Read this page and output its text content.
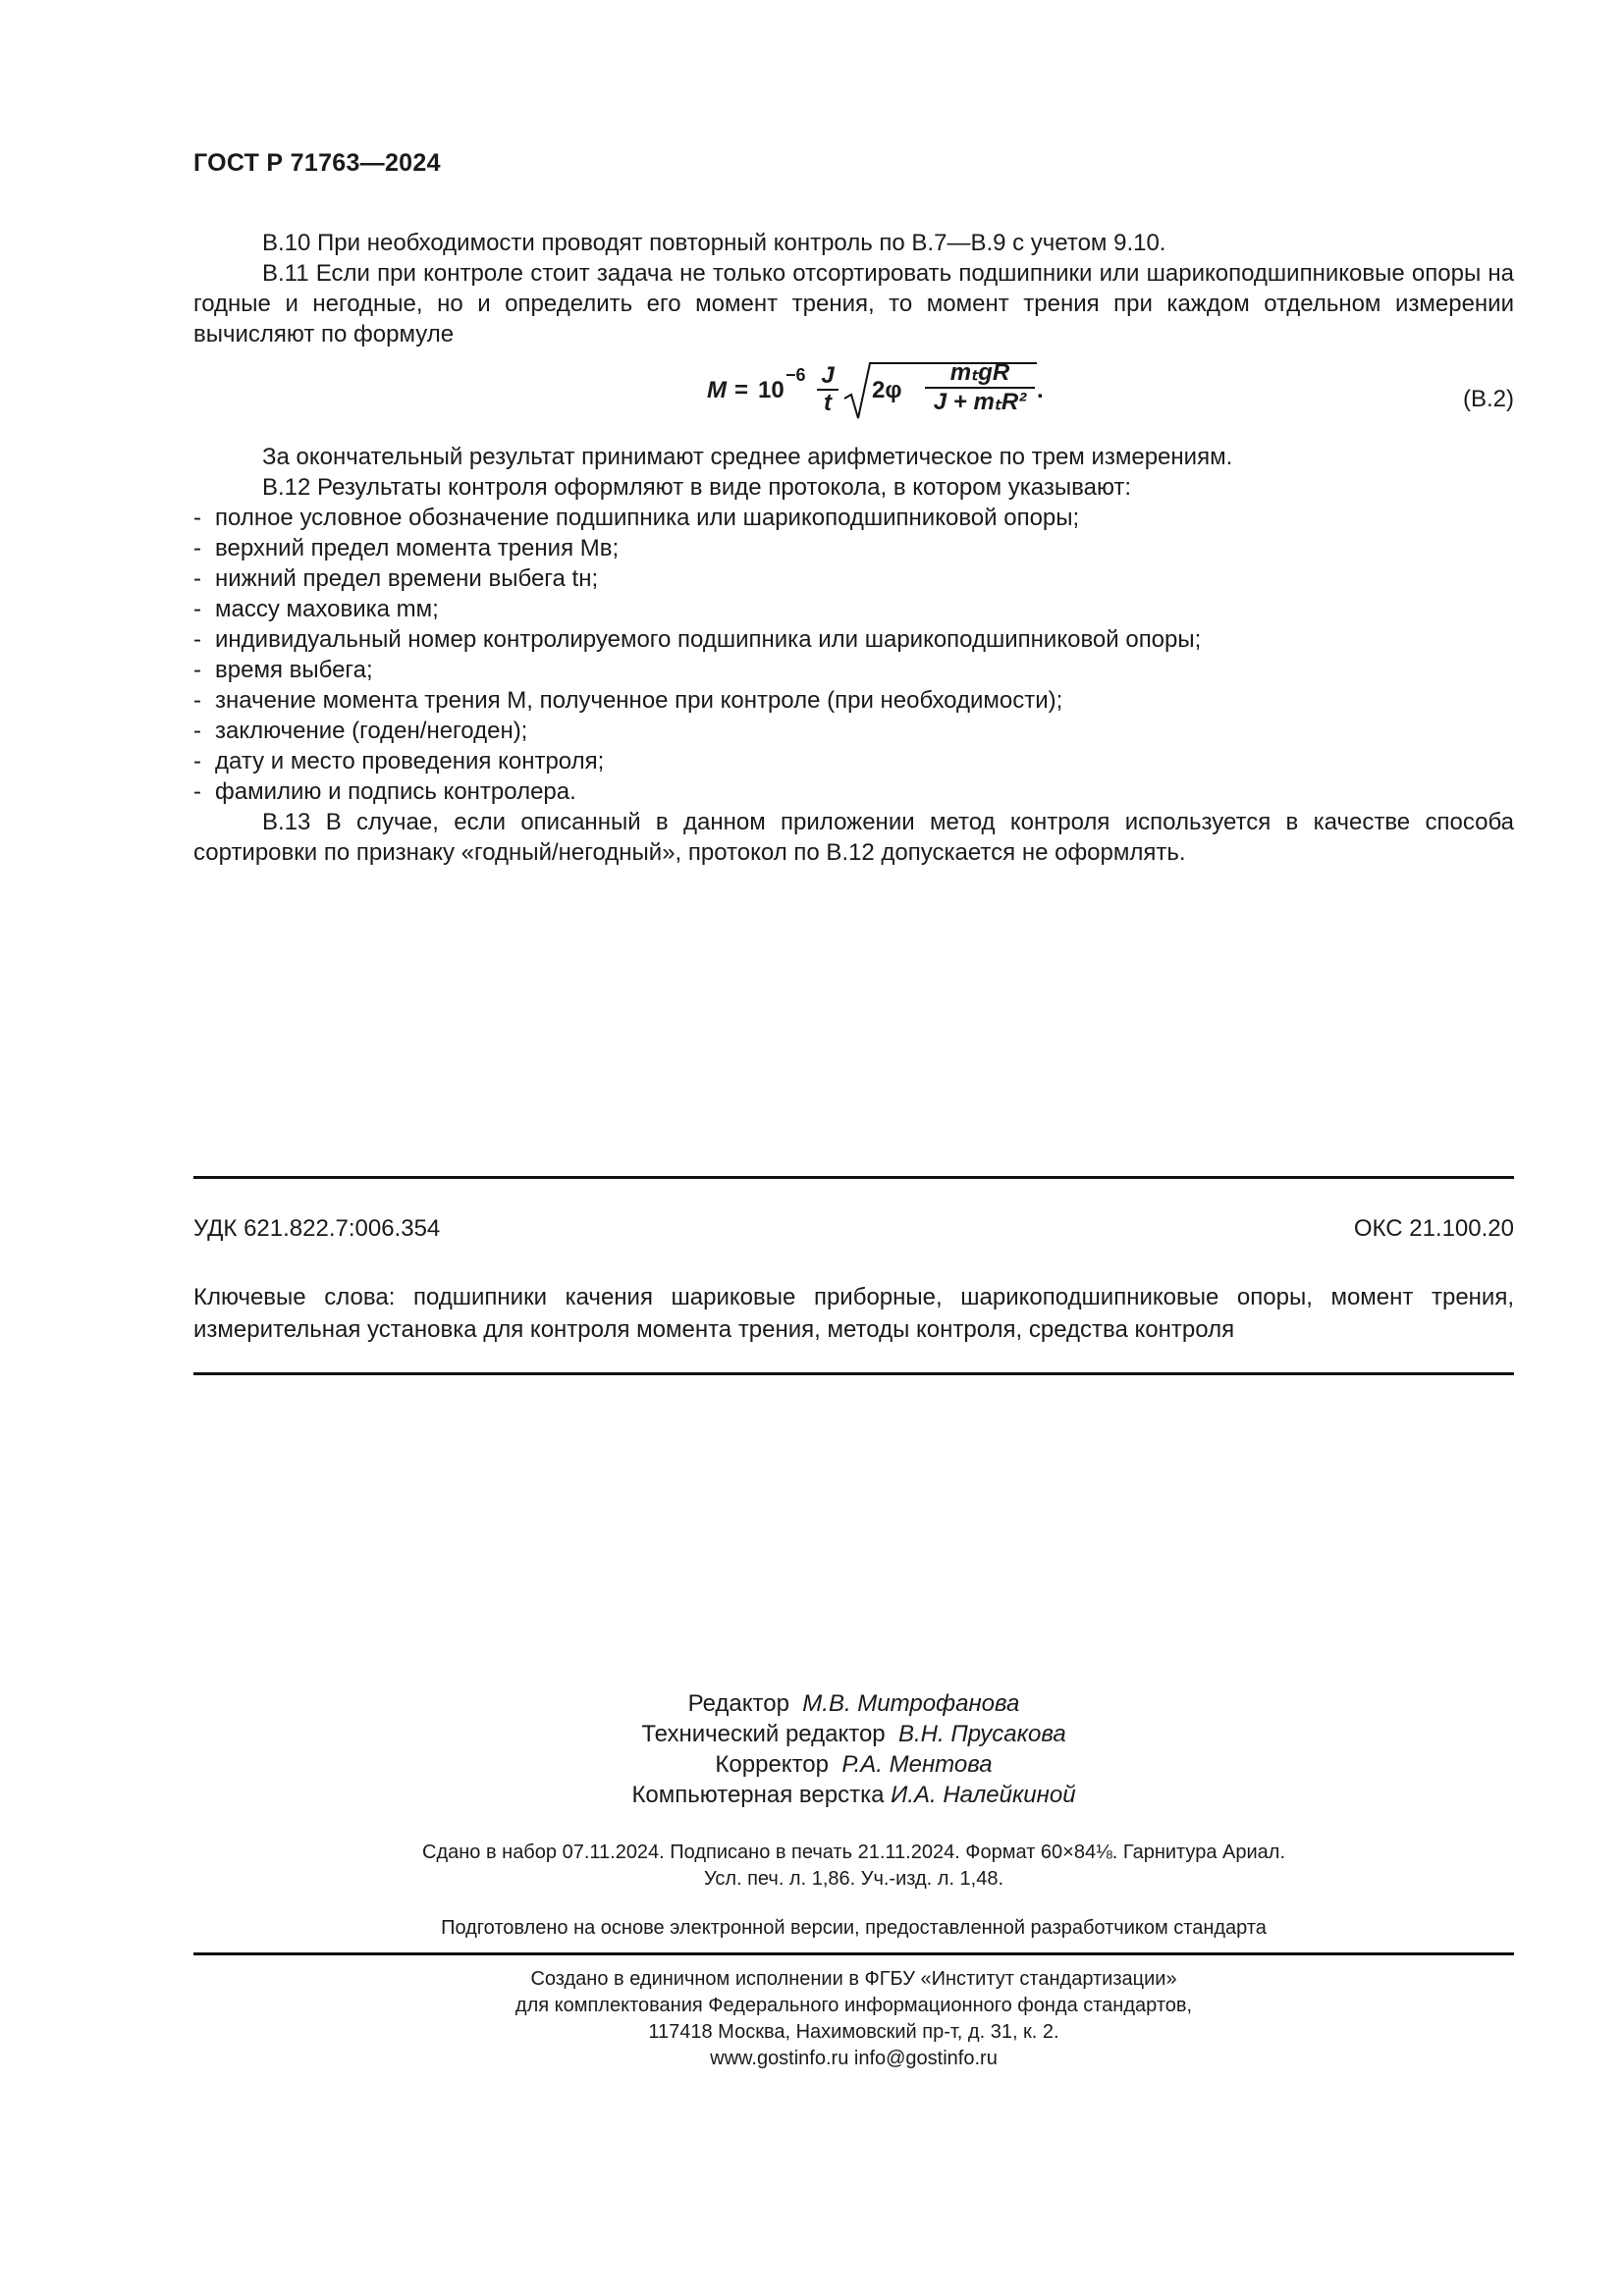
ГОСТ Р 71763—2024
В.10 При необходимости проводят повторный контроль по В.7—В.9 с учетом 9.10.
В.11 Если при контроле стоит задача не только отсортировать подшипники или шарикоподшипниковые опоры на годные и негодные, но и определить его момент трения, то момент трения при каждом отдельном измерении вычисляют по формуле
M = 10
$-6 \frac{J}{t} 2\varphi$
mₜgR
J + mₜR² .	(В.2)
За окончательный результат принимают среднее арифметическое по трем измерениям.
В.12 Результаты контроля оформляют в виде протокола, в котором указывают:
- полное условное обозначение подшипника или шарикоподшипниковой опоры;
- верхний предел момента трения Mв;
- нижний предел времени выбега tн;
- массу маховика mм;
- индивидуальный номер контролируемого подшипника или шарикоподшипниковой опоры;
- время выбега;
- значение момента трения M, полученное при контроле (при необходимости);
- заключение (годен/негоден);
- дату и место проведения контроля;
- фамилию и подпись контролера.
В.13 В случае, если описанный в данном приложении метод контроля используется в качестве способа сортировки по признаку «годный/негодный», протокол по В.12 допускается не оформлять.
УДК 621.822.7:006.354	ОКС 21.100.20
Ключевые слова: подшипники качения шариковые приборные, шарикоподшипниковые опоры, момент трения, измерительная установка для контроля момента трения, методы контроля, средства контроля
Редактор М.В. Митрофанова
Технический редактор В.Н. Прусакова
Корректор Р.А. Ментова
Компьютерная верстка И.А. Налейкиной
Сдано в набор 07.11.2024. Подписано в печать 21.11.2024. Формат 60×84⅛. Гарнитура Ариал.
Усл. печ. л. 1,86. Уч.-изд. л. 1,48.
Подготовлено на основе электронной версии, предоставленной разработчиком стандарта
Создано в единичном исполнении в ФГБУ «Институт стандартизации»
для комплектования Федерального информационного фонда стандартов,
117418 Москва, Нахимовский пр-т, д. 31, к. 2.
www.gostinfo.ru info@gostinfo.ru
